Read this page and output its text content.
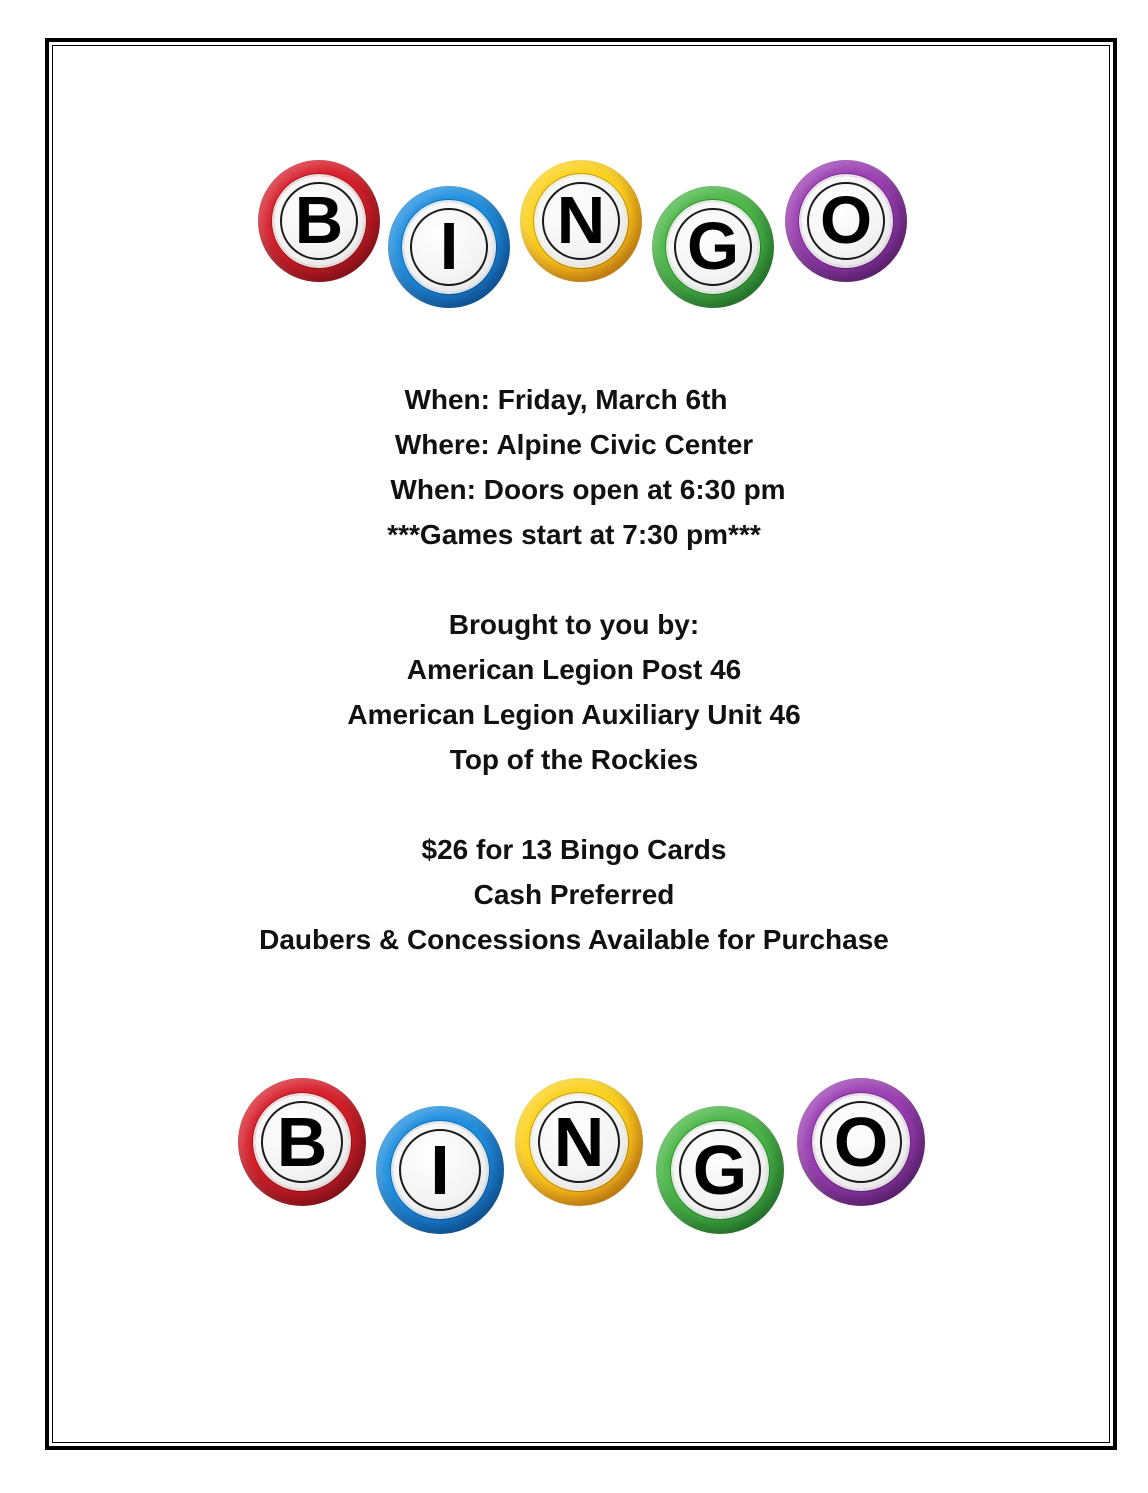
B	I	N	G O
When: Friday, March 6th
Where: Alpine Civic Center
When: Doors open at 6:30 pm
***Games start at 7:30 pm***
Brought to you by:
American Legion Post 46
American Legion Auxiliary Unit 46
Top of the Rockies
$26 for 13 Bingo Cards
Cash Preferred
Daubers & Concessions Available for Purchase
B	I	N	G O
